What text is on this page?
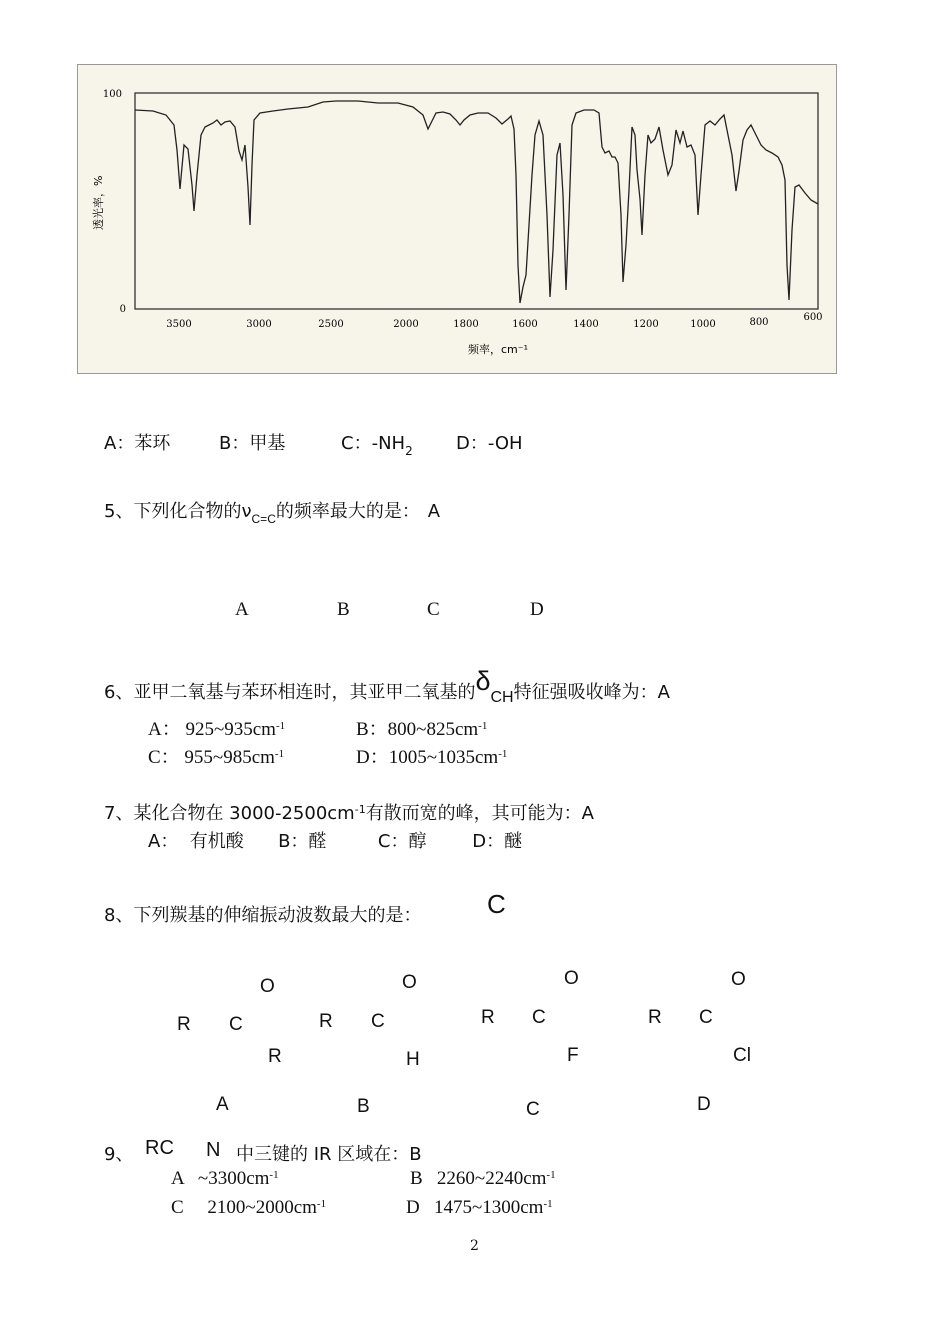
100
0
透光率，%
3500	3000	2500	2000	1800	1600	1400	1200	1000	800	600
频率，cm⁻¹
A：苯环	B：甲基	C：$-NH_2$ D：-OH
5、下列化合物的$\nu_{C=C}$的频率最大的是： A
A	B	C	D
6、亚甲二氧基与苯环相连时，其亚甲二氧基的$\delta_{CH}$特征强吸收峰为：A
A： $925\sim 935cm^{-1}$	B：$800\sim 825cm^{-1}$
C： $955\sim 985cm^{-1}$	D：$1005\sim 1035cm^{-1}$
7、某化合物在 $3000-2500cm^{-1}$有散而宽的峰，其可能为：A
A：  有机酸      B：醛         C：醇        D：醚
8、下列羰基的伸缩振动波数最大的是：	C
O
R C
R
A
O
R C
H
B
O
R C
F
C
O
R C
Cl
D
9、 RC N 中三键的 IR 区域在：B
A   $\sim 3300cm^{-1}$	B   $2260\sim 2240cm^{-1}$
C     $2100\sim 2000cm^{-1}$	D   $1475\sim 1300cm^{-1}$
2
